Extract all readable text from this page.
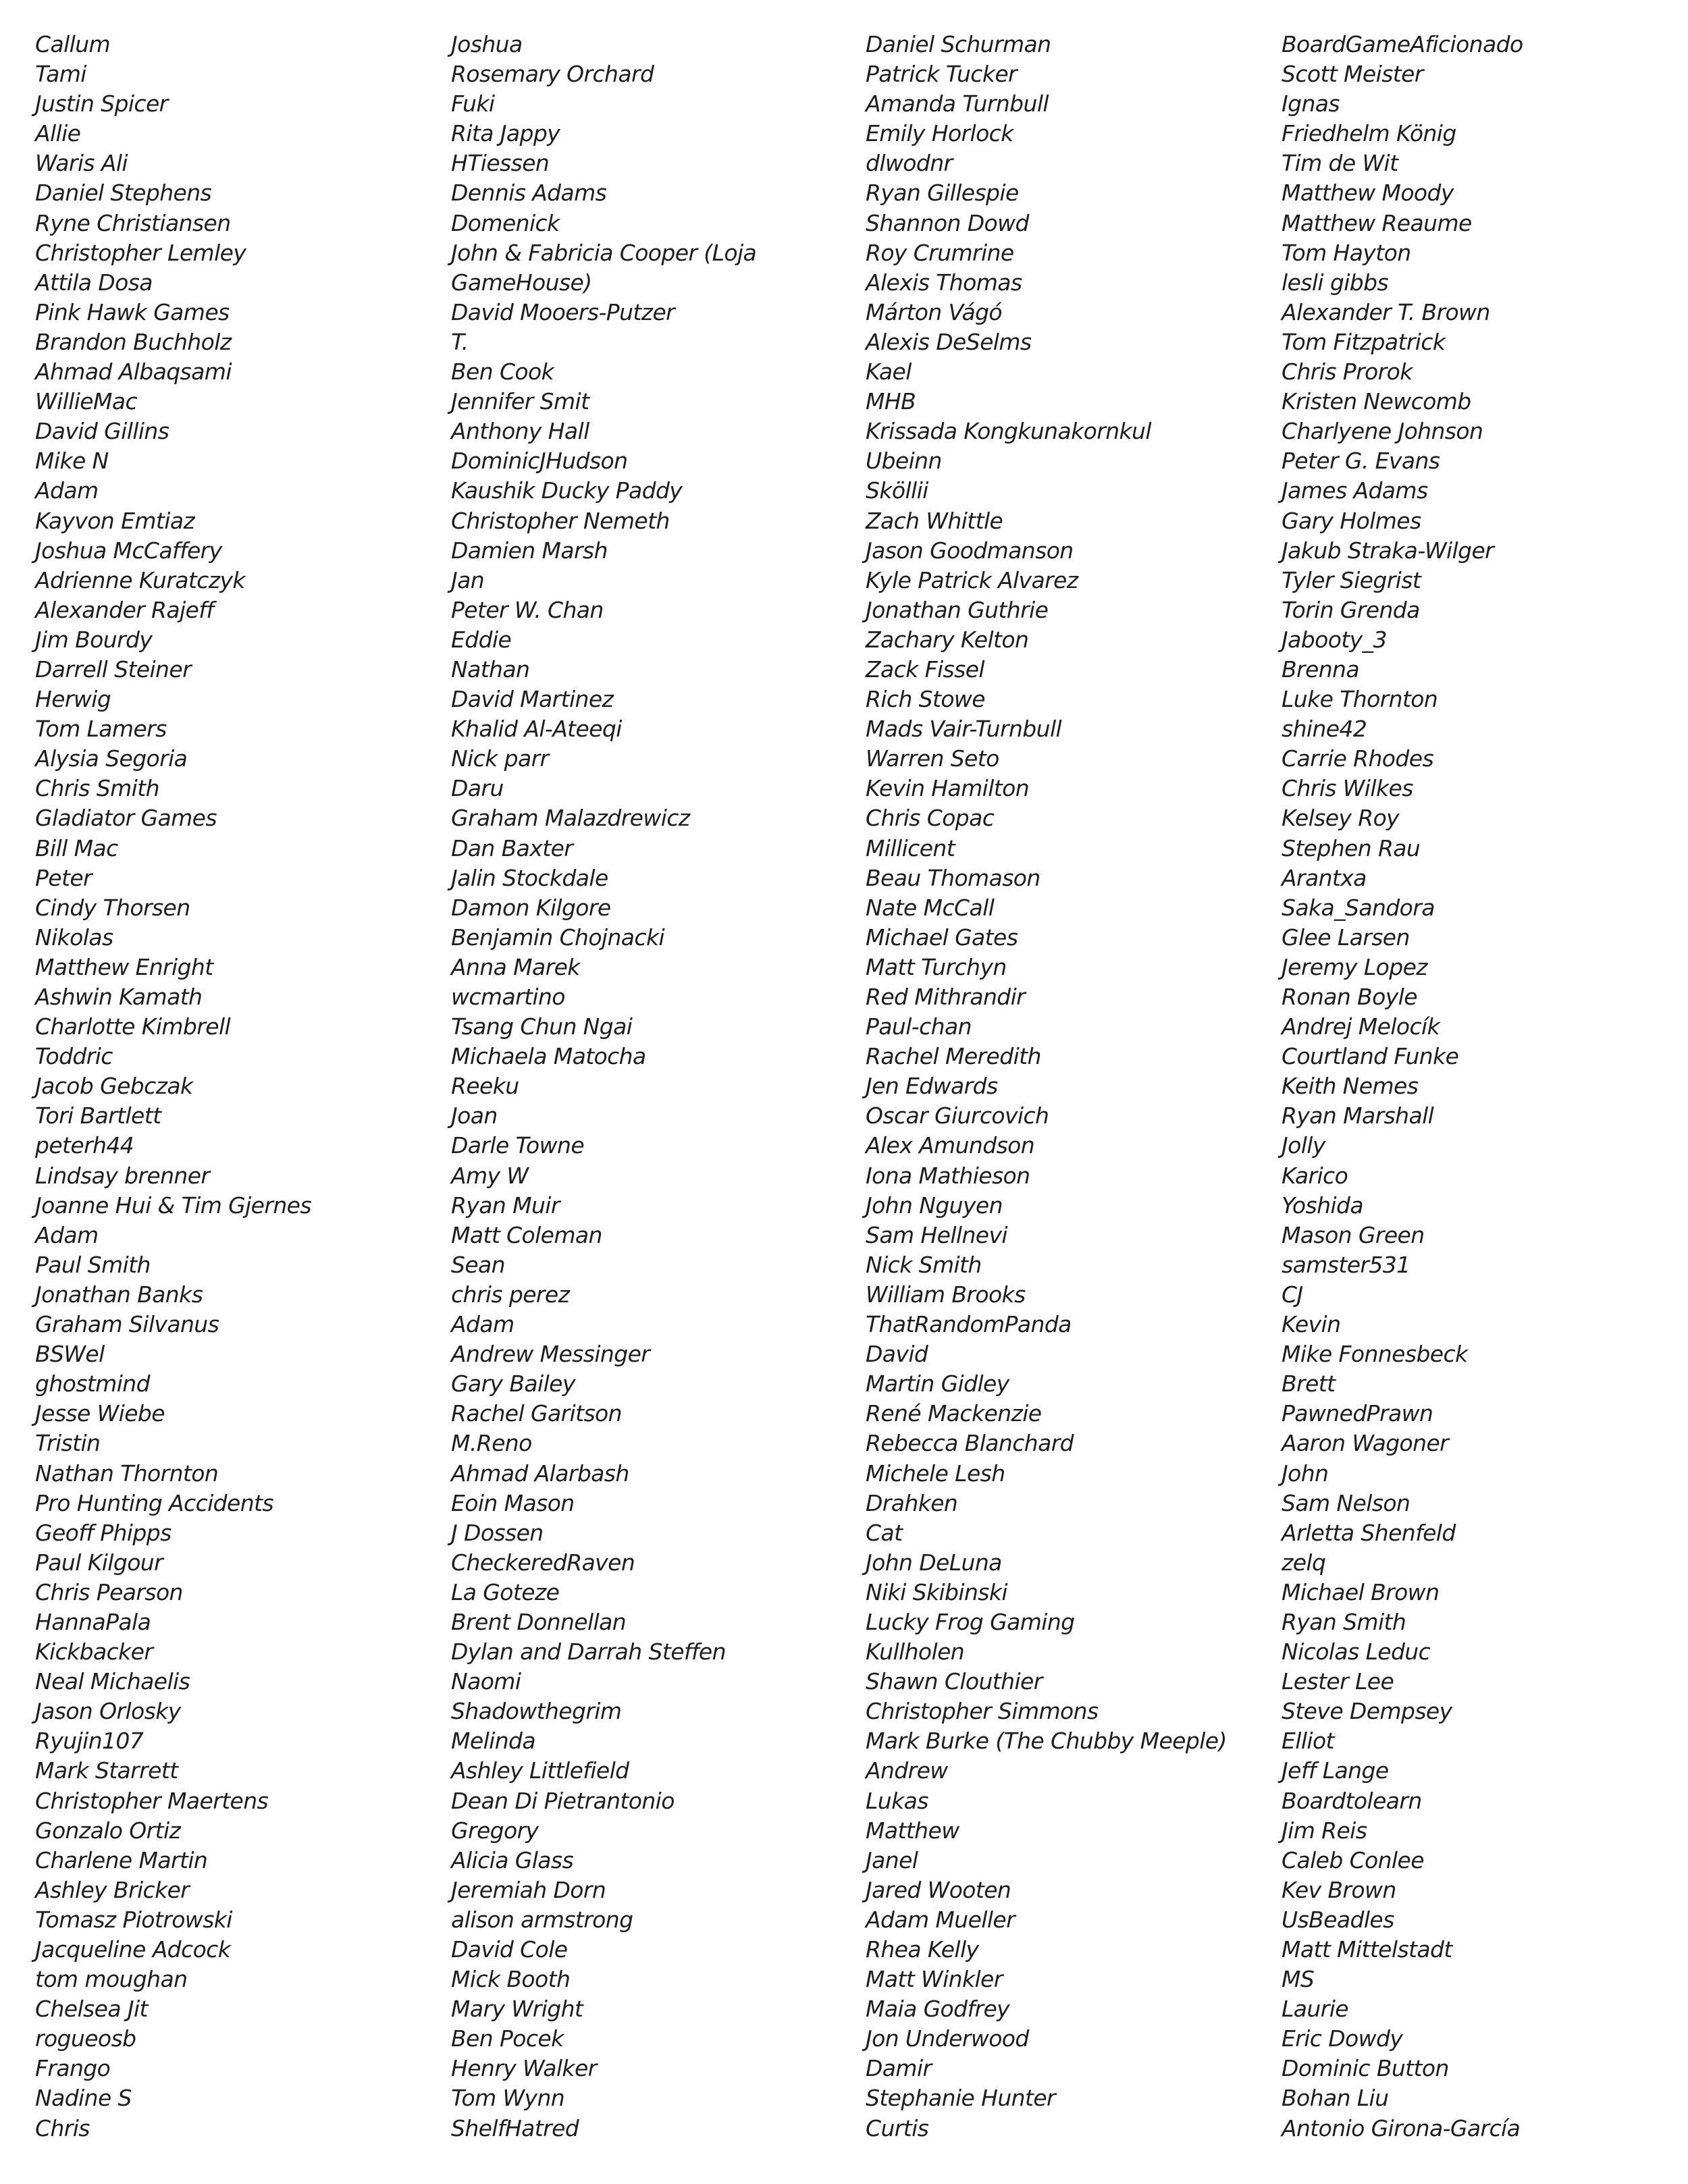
Callum
Tami
Justin Spicer
Allie
Waris Ali
Daniel Stephens
Ryne Christiansen
Christopher Lemley
Attila Dosa
Pink Hawk Games
Brandon Buchholz
Ahmad Albaqsami
WillieMac
David Gillins
Mike N
Adam
Kayvon Emtiaz
Joshua McCaffery
Adrienne Kuratczyk
Alexander Rajeff
Jim Bourdy
Darrell Steiner
Herwig
Tom Lamers
Alysia Segoria
Chris Smith
Gladiator Games
Bill Mac
Peter
Cindy Thorsen
Nikolas
Matthew Enright
Ashwin Kamath
Charlotte Kimbrell
Toddric
Jacob Gebczak
Tori Bartlett
peterh44
Lindsay brenner
Joanne Hui & Tim Gjernes
Adam
Paul Smith
Jonathan Banks
Graham Silvanus
BSWel
ghostmind
Jesse Wiebe
Tristin
Nathan Thornton
Pro Hunting Accidents
Geoff Phipps
Paul Kilgour
Chris Pearson
HannaPala
Kickbacker
Neal Michaelis
Jason Orlosky
Ryujin107
Mark Starrett
Christopher Maertens
Gonzalo Ortiz
Charlene Martin
Ashley Bricker
Tomasz Piotrowski
Jacqueline Adcock
tom moughan
Chelsea Jit
rogueosb
Frango
Nadine S
Chris
Joshua
Rosemary Orchard
Fuki
Rita Jappy
HTiessen
Dennis Adams
Domenick
John & Fabricia Cooper (Loja
GameHouse)
David Mooers-Putzer
T.
Ben Cook
Jennifer Smit
Anthony Hall
DominicJHudson
Kaushik Ducky Paddy
Christopher Nemeth
Damien Marsh
Jan
Peter W. Chan
Eddie
Nathan
David Martinez
Khalid Al-Ateeqi
Nick parr
Daru
Graham Malazdrewicz
Dan Baxter
Jalin Stockdale
Damon Kilgore
Benjamin Chojnacki
Anna Marek
wcmartino
Tsang Chun Ngai
Michaela Matocha
Reeku
Joan
Darle Towne
Amy W
Ryan Muir
Matt Coleman
Sean
chris perez
Adam
Andrew Messinger
Gary Bailey
Rachel Garitson
M.Reno
Ahmad Alarbash
Eoin Mason
J Dossen
CheckeredRaven
La Goteze
Brent Donnellan
Dylan and Darrah Steffen
Naomi
Shadowthegrim
Melinda
Ashley Littlefield
Dean Di Pietrantonio
Gregory
Alicia Glass
Jeremiah Dorn
alison armstrong
David Cole
Mick Booth
Mary Wright
Ben Pocek
Henry Walker
Tom Wynn
ShelfHatred
Daniel Schurman
Patrick Tucker
Amanda Turnbull
Emily Horlock
dlwodnr
Ryan Gillespie
Shannon Dowd
Roy Crumrine
Alexis Thomas
Márton Vágó
Alexis DeSelms
Kael
MHB
Krissada Kongkunakornkul
Ubeinn
Sköllii
Zach Whittle
Jason Goodmanson
Kyle Patrick Alvarez
Jonathan Guthrie
Zachary Kelton
Zack Fissel
Rich Stowe
Mads Vair-Turnbull
Warren Seto
Kevin Hamilton
Chris Copac
Millicent
Beau Thomason
Nate McCall
Michael Gates
Matt Turchyn
Red Mithrandir
Paul-chan
Rachel Meredith
Jen Edwards
Oscar Giurcovich
Alex Amundson
Iona Mathieson
John Nguyen
Sam Hellnevi
Nick Smith
William Brooks
ThatRandomPanda
David
Martin Gidley
René Mackenzie
Rebecca Blanchard
Michele Lesh
Drahken
Cat
John DeLuna
Niki Skibinski
Lucky Frog Gaming
Kullholen
Shawn Clouthier
Christopher Simmons
Mark Burke (The Chubby Meeple)
Andrew
Lukas
Matthew
Janel
Jared Wooten
Adam Mueller
Rhea Kelly
Matt Winkler
Maia Godfrey
Jon Underwood
Damir
Stephanie Hunter
Curtis
BoardGameAficionado
Scott Meister
Ignas
Friedhelm König
Tim de Wit
Matthew Moody
Matthew Reaume
Tom Hayton
lesli gibbs
Alexander T. Brown
Tom Fitzpatrick
Chris Prorok
Kristen Newcomb
Charlyene Johnson
Peter G. Evans
James Adams
Gary Holmes
Jakub Straka-Wilger
Tyler Siegrist
Torin Grenda
Jabooty_3
Brenna
Luke Thornton
shine42
Carrie Rhodes
Chris Wilkes
Kelsey Roy
Stephen Rau
Arantxa
Saka_Sandora
Glee Larsen
Jeremy Lopez
Ronan Boyle
Andrej Melocík
Courtland Funke
Keith Nemes
Ryan Marshall
Jolly
Karico
Yoshida
Mason Green
samster531
CJ
Kevin
Mike Fonnesbeck
Brett
PawnedPrawn
Aaron Wagoner
John
Sam Nelson
Arletta Shenfeld
zelq
Michael Brown
Ryan Smith
Nicolas Leduc
Lester Lee
Steve Dempsey
Elliot
Jeff Lange
Boardtolearn
Jim Reis
Caleb Conlee
Kev Brown
UsBeadles
Matt Mittelstadt
MS
Laurie
Eric Dowdy
Dominic Button
Bohan Liu
Antonio Girona-García
